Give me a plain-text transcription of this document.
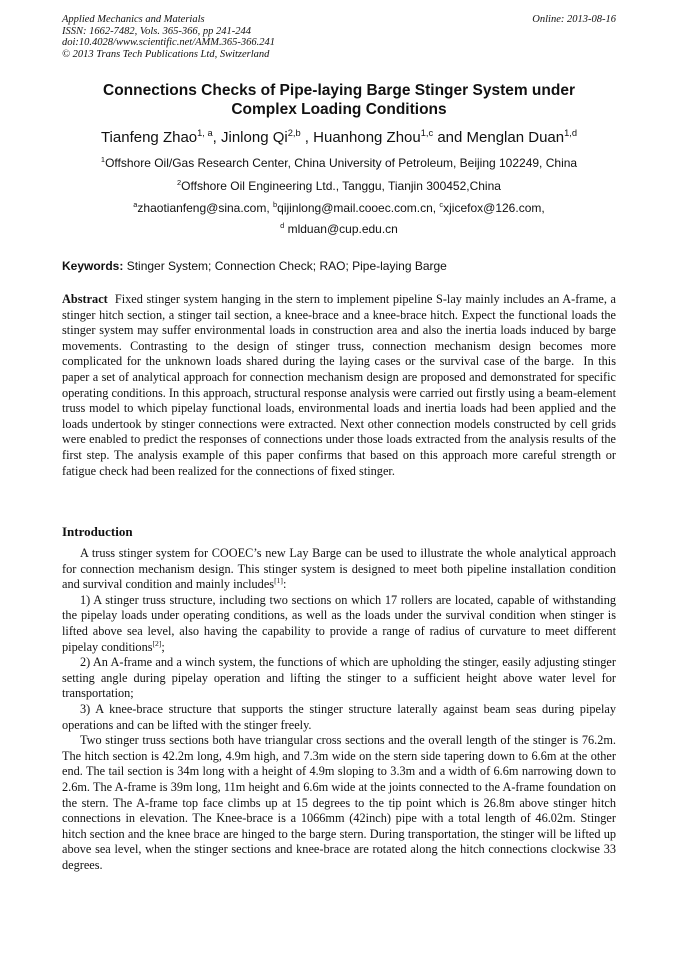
Applied Mechanics and Materials
ISSN: 1662-7482, Vols. 365-366, pp 241-244
doi:10.4028/www.scientific.net/AMM.365-366.241
© 2013 Trans Tech Publications Ltd, Switzerland
Online: 2013-08-16
Connections Checks of Pipe-laying Barge Stinger System under
Complex Loading Conditions
Tianfeng Zhao$^{1, a}$, Jinlong Qi$^{2,b}$ , Huanhong Zhou$^{1,c}$ and Menglan Duan$^{1,d}$
$^1$Offshore Oil/Gas Research Center, China University of Petroleum, Beijing 102249, China
$^2$Offshore Oil Engineering Ltd., Tanggu, Tianjin 300452,China
$^a$zhaotianfeng@sina.com, $^b$qijinlong@mail.cooec.com.cn, $^c$xjicefox@126.com,
$^d$ mlduan@cup.edu.cn
Keywords: Stinger System; Connection Check; RAO; Pipe-laying Barge

Abstract  Fixed stinger system hanging in the stern to implement pipeline S-lay mainly includes an A-frame, a stinger hitch section, a stinger tail section, a knee-brace and a knee-brace hitch. Expect the functional loads the stinger system may suffer environmental loads in construction area and also the inertia loads induced by barge movements. Contrasting to the design of stinger truss, connection mechanism design becomes more complicated for the unknown loads shared during the laying cases or the survival case of the barge.  In this paper a set of analytical approach for connection mechanism design are proposed and demonstrated for specific operating conditions. In this approach, structural response analysis were carried out firstly using a beam-element truss model to which pipelay functional loads, environmental loads and inertia loads had been applied and the loads undertook by stinger connections were extracted. Next other connection models constructed by cell grids were enabled to predict the responses of connections under those loads extracted from the analysis results of the first step. The analysis example of this paper confirms that based on this approach more careful strength or fatigue check had been realized for the connections of fixed stinger.

Introduction

A truss stinger system for COOEC’s new Lay Barge can be used to illustrate the whole analytical approach for connection mechanism design. This stinger system is designed to meet both pipeline installation condition and survival condition and mainly includes[1]:

1) A stinger truss structure, including two sections on which 17 rollers are located, capable of withstanding the pipelay loads under operating conditions, as well as the loads under the survival condition when stinger is lifted above sea level, also having the capability to provide a range of radius of curvature to meet different pipelay conditions[2];

2) An A-frame and a winch system, the functions of which are upholding the stinger, easily adjusting stinger setting angle during pipelay operation and lifting the stinger to a sufficient height above water level for transportation;

3) A knee-brace structure that supports the stinger structure laterally against beam seas during pipelay operations and can be lifted with the stinger freely.

Two stinger truss sections both have triangular cross sections and the overall length of the stinger is 76.2m. The hitch section is 42.2m long, 4.9m high, and 7.3m wide on the stern side tapering down to 6.6m at the other end. The tail section is 34m long with a height of 4.9m sloping to 3.3m and a width of 6.6m narrowing down to 2.6m. The A-frame is 39m long, 11m height and 6.6m wide at the joints connected to the A-frame foundation on the stern. The A-frame top face climbs up at 15 degrees to the tip point which is 26.8m above stinger hitch connections in elevation. The Knee-brace is a 1066mm (42inch) pipe with a total length of 46.02m. Stinger hitch section and the knee brace are hinged to the barge stern. During transportation, the stinger will be lifted up above sea level, when the stinger sections and knee-brace are rotated along the hitch connections clockwise 33 degrees.
